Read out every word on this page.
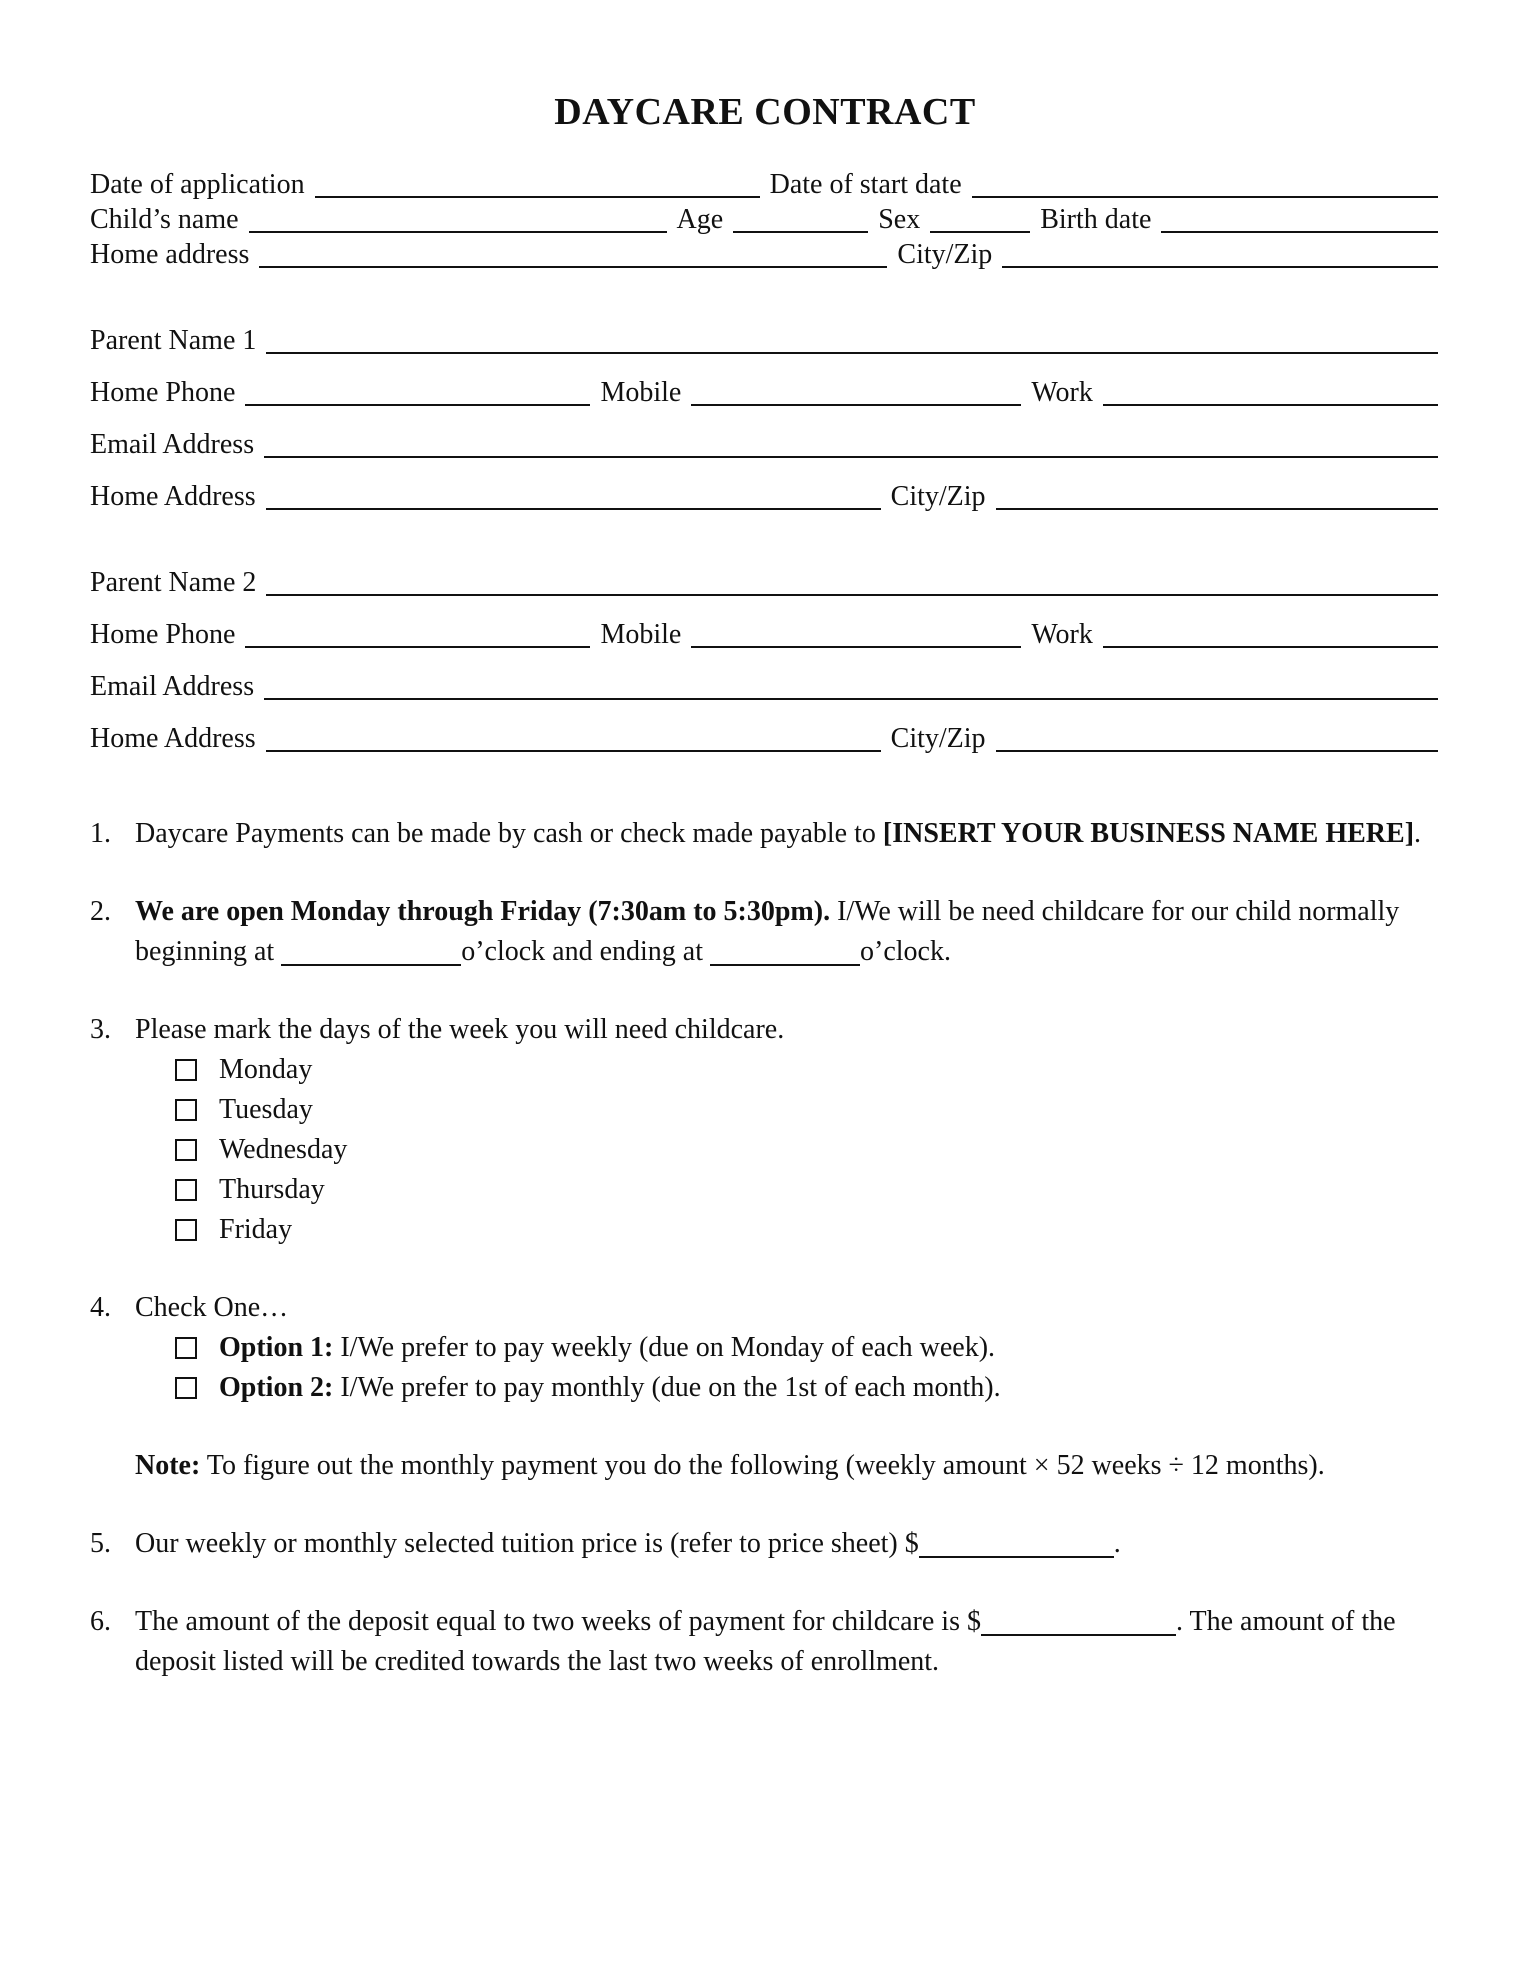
DAYCARE CONTRACT
Date of application	Date of start date
Child’s name	Age	Sex	Birth date
Home address	City/Zip
Parent Name 1
Home Phone	Mobile	Work
Email Address
Home Address	City/Zip
Parent Name 2
Home Phone	Mobile	Work
Email Address
Home Address	City/Zip
1. Daycare Payments can be made by cash or check made payable to [INSERT YOUR BUSINESS NAME HERE].
2. We are open Monday through Friday (7:30am to 5:30pm). I/We will be need childcare for our child normally beginning at	o’clock and ending at	o’clock.
3. Please mark the days of the week you will need childcare.
Monday
Tuesday
Wednesday
Thursday
Friday
4. Check One…
Option 1: I/We prefer to pay weekly (due on Monday of each week).
Option 2: I/We prefer to pay monthly (due on the 1st of each month).
Note: To figure out the monthly payment you do the following (weekly amount × 52 weeks ÷ 12 months).
5. Our weekly or monthly selected tuition price is (refer to price sheet) $	.
6. The amount of the deposit equal to two weeks of payment for childcare is $	. The amount of the deposit listed will be credited towards the last two weeks of enrollment.
